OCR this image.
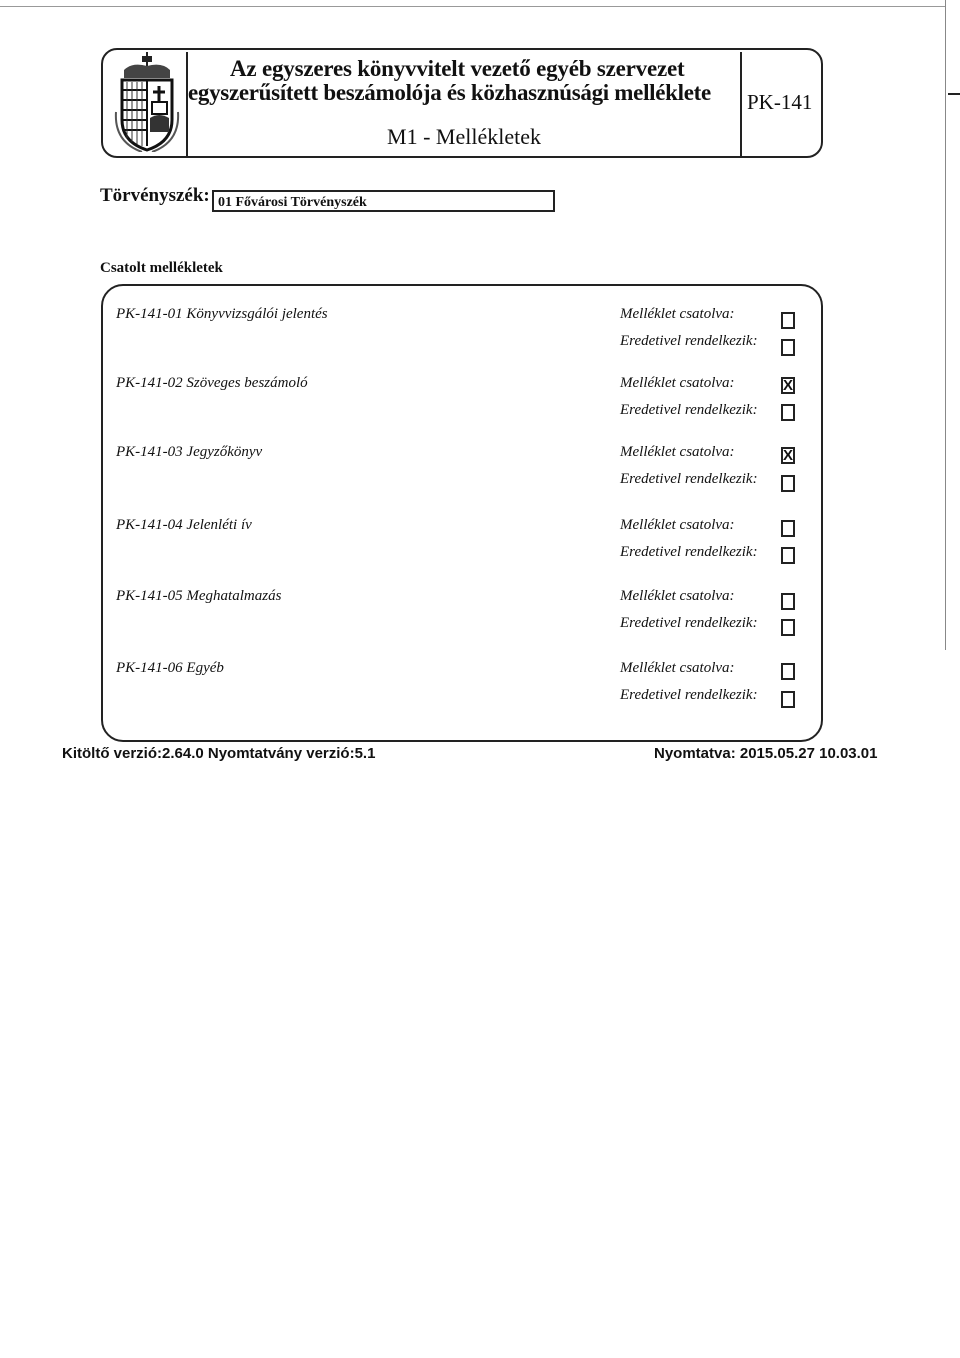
Az egyszeres könyvvitelt vezető egyéb szervezet
egyszerűsített beszámolója és közhasznúsági melléklete
M1 - Mellékletek
PK-141
Törvényszék: 01 Fővárosi Törvényszék
Csatolt mellékletek
PK-141-01 Könyvvizsgálói jelentés	Melléklet csatolva:
Eredetivel rendelkezik:
PK-141-02 Szöveges beszámoló	Melléklet csatolva:	X
Eredetivel rendelkezik:
PK-141-03 Jegyzőkönyv	Melléklet csatolva:	X
Eredetivel rendelkezik:
PK-141-04 Jelenléti ív	Melléklet csatolva:
Eredetivel rendelkezik:
PK-141-05 Meghatalmazás	Melléklet csatolva:
Eredetivel rendelkezik:
PK-141-06 Egyéb	Melléklet csatolva:
Eredetivel rendelkezik:
Kitöltő verzió:2.64.0 Nyomtatvány verzió:5.1	Nyomtatva: 2015.05.27 10.03.01
